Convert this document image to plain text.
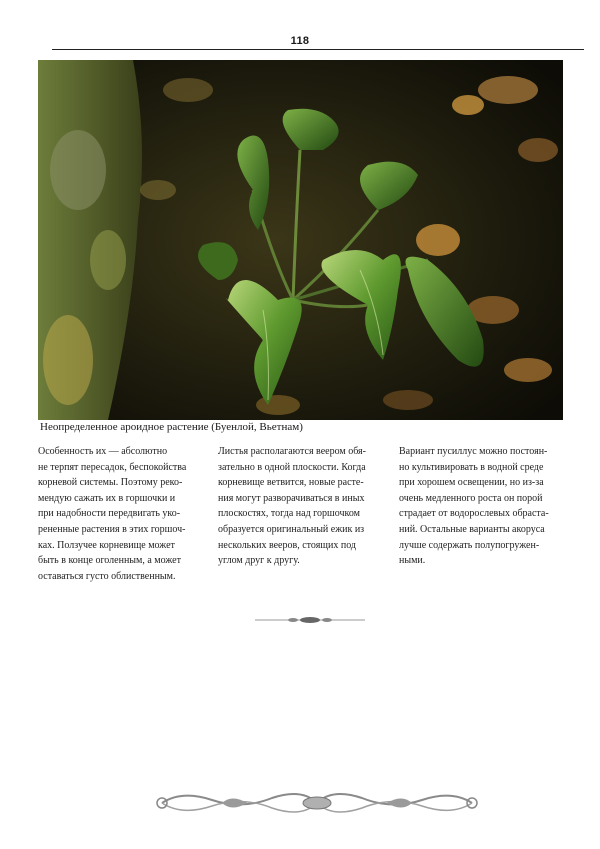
118
Неопределенное ароидное растение (Буенлой, Вьетнам)
Особенность их — абсолютно
не терпят пересадок, беспокойства
корневой системы. Поэтому реко-
мендую сажать их в горшочки и
при надобности передвигать уко-
рененные растения в этих горшоч-
ках. Ползучее корневище может
быть в конце оголенным, а может
оставаться густо облиственным.
Листья располагаются веером обя-
зательно в одной плоскости. Когда
корневище ветвится, новые расте-
ния могут разворачиваться в иных
плоскостях, тогда над горшочком
образуется оригинальный ежик из
нескольких вееров, стоящих под
углом друг к другу.
Вариант пусиллус можно постоян-
но культивировать в водной среде
при хорошем освещении, но из-за
очень медленного роста он порой
страдает от водорослевых обраста-
ний. Остальные варианты акоруса
лучше содержать полупогружен-
ными.
